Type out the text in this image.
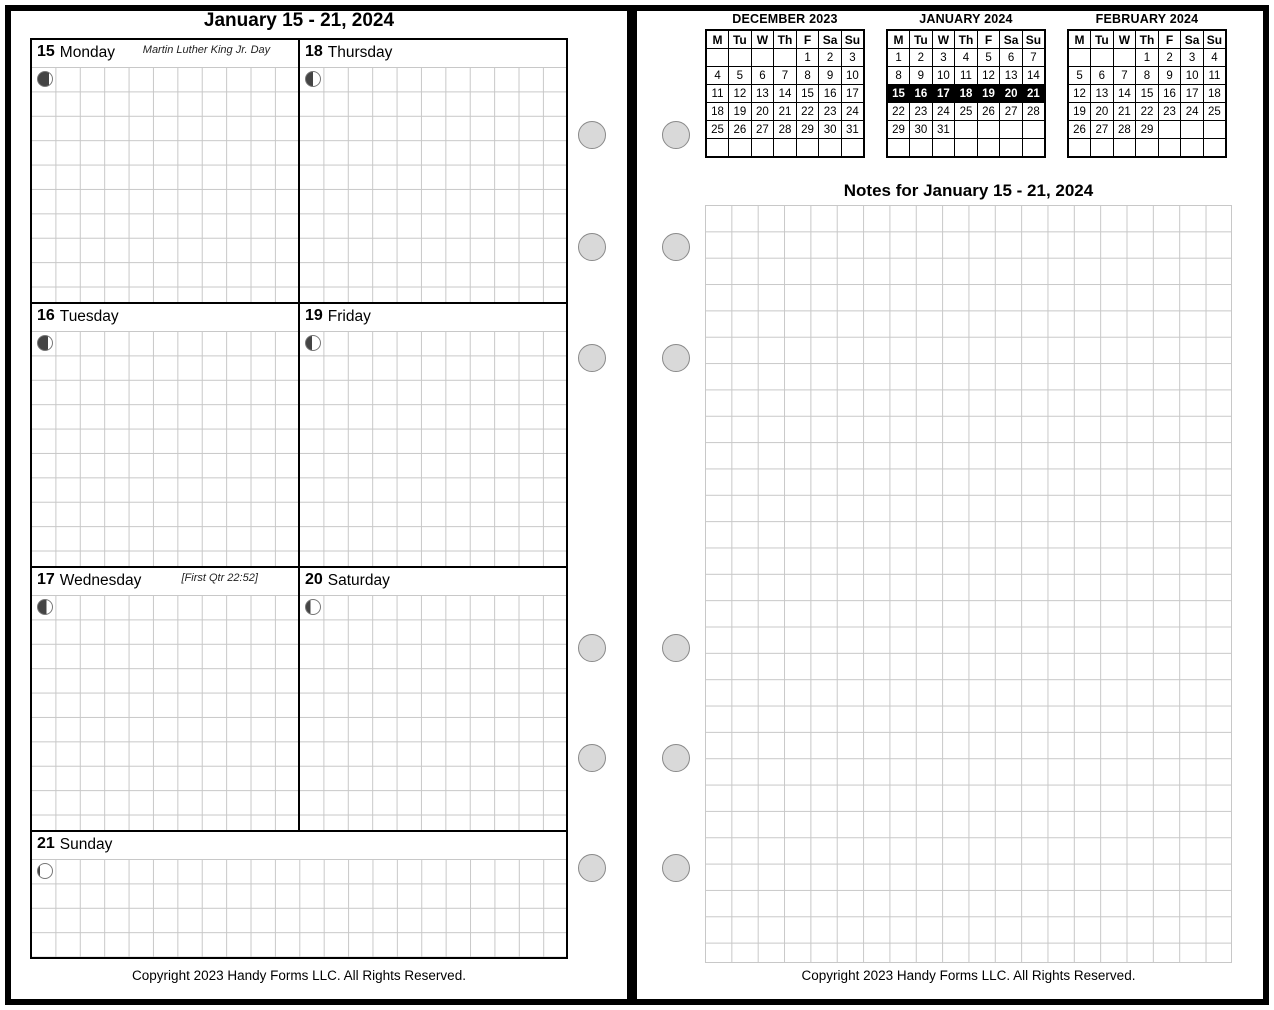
January 15 - 21, 2024
15 Monday	Martin Luther King Jr. Day	18 Thursday
16 Tuesday	19 Friday
17 Wednesday	[First Qtr 22:52]	20 Saturday
21 Sunday
Copyright 2023 Handy Forms LLC. All Rights Reserved.
DECEMBER 2023
M	Tu	W	Th	F	Sa	Su
				1	2	3
4	5	6	7	8	9	10
11	12	13	14	15	16	17
18	19	20	21	22	23	24
25	26	27	28	29	30	31

JANUARY 2024
M	Tu	W	Th	F	Sa	Su
1	2	3	4	5	6	7
8	9	10	11	12	13	14
15	16	17	18	19	20	21
22	23	24	25	26	27	28
29	30	31				

FEBRUARY 2024
M	Tu	W	Th	F	Sa	Su
			1	2	3	4
5	6	7	8	9	10	11
12	13	14	15	16	17	18
19	20	21	22	23	24	25
26	27	28	29			

Notes for January 15 - 21, 2024
Copyright 2023 Handy Forms LLC. All Rights Reserved.
